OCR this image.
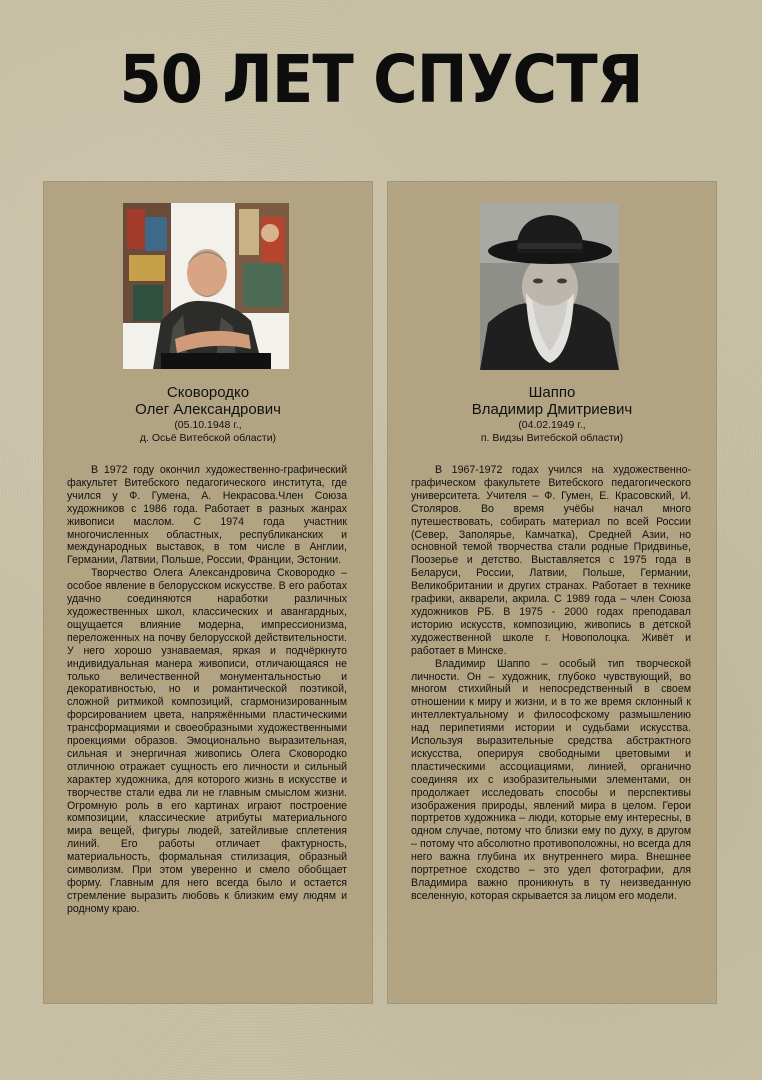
50 ЛЕТ СПУСТЯ
Сковородко
Олег Александрович
(05.10.1948 г.,
д. Осьё Витебской области)

В 1972 году окончил художественно-графический факультет Витебского педагогического института, где учился у Ф. Гумена, А. Некрасова.Член Союза художников с 1986 года. Работает в разных жанрах живописи маслом. С 1974 года участник многочисленных областных, республиканских и международных выставок, в том числе в Англии, Германии, Латвии, Польше, России, Франции, Эстонии.

Творчество Олега Александровича Сковородко – особое явление в белорусском искусстве. В его работах удачно соединяются наработки различных художественных школ, классических и авангардных, ощущается влияние модерна, импрессионизма, переложенных на почву белорусской действительности. У него хорошо узнаваемая, яркая и подчёркнуто индивидуальная манера живописи, отличающаяся не только величественной монументальностью и декоративностью, но и романтической поэтикой, сложной ритмикой композиций, сгармонизированным форсированием цвета, напряжёнными пластическими трансформациями и своеобразными художественными проекциями образов. Эмоционально выразительная, сильная и энергичная живопись Олега Сковородко отличною отражает сущность его личности и сильный характер художника, для которого жизнь в искусстве и творчестве стали едва ли не главным смыслом жизни. Огромную роль в его картинах играют построение композиции, классические атрибуты материального мира вещей, фигуры людей, затейливые сплетения линий. Его работы отличает фактурность, материальность, формальная стилизация, образный символизм. При этом уверенно и смело обобщает форму. Главным для него всегда было и остается стремление выразить любовь к близким ему людям и родному краю.

Шаппо
Владимир Дмитриевич
(04.02.1949 г.,
п. Видзы Витебской области)

В 1967-1972 годах учился на художественно-графическом факультете Витебского педагогического университета. Учителя – Ф. Гумен, Е. Красовский, И. Столяров. Во время учёбы начал много путешествовать, собирать материал по всей России (Север, Заполярье, Камчатка), Средней Азии, но основной темой творчества стали родные Придвинье, Поозерье и детство. Выставляется с 1975 года в Беларуси, России, Латвии, Польше, Германии, Великобритании и других странах. Работает в технике графики, акварели, акрила. С 1989 года – член Союза художников РБ. В 1975 - 2000 годах преподавал историю искусств, композицию, живопись в детской художественной школе г. Новополоцка. Живёт и работает в Минске.

Владимир Шаппо – особый тип творческой личности. Он – художник, глубоко чувствующий, во многом стихийный и непосредственный в своем отношении к миру и жизни, и в то же время склонный к интеллектуальному и философскому размышлению над перипетиями истории и судьбами искусства. Используя выразительные средства абстрактного искусства, оперируя свободными цветовыми и пластическими ассоциациями, линией, органично соединяя их с изобразительными элементами, он продолжает исследовать способы и перспективы изображения природы, явлений мира в целом. Герои портретов художника – люди, которые ему интересны, в одном случае, потому что близки ему по духу, в другом – потому что абсолютно противоположны, но всегда для него важна глубина их внутреннего мира. Внешнее портретное сходство – это удел фотографии, для Владимира важно проникнуть в ту неизведанную вселенную, которая скрывается за лицом его модели.
